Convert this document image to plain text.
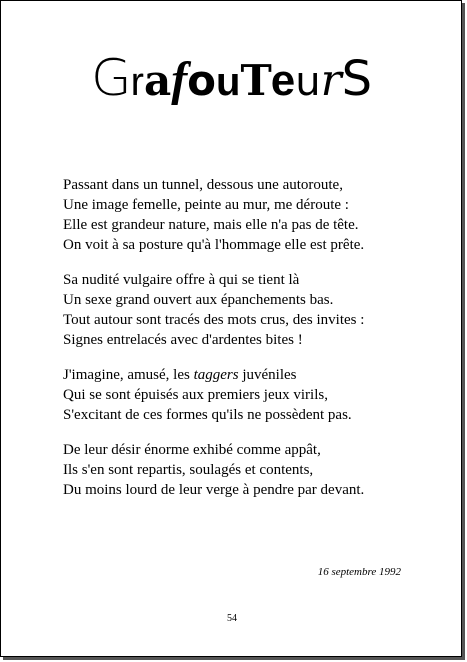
GrafouTeurS
Passant dans un tunnel, dessous une autoroute,
Une image femelle, peinte au mur, me déroute :
Elle est grandeur nature, mais elle n'a pas de tête.
On voit à sa posture qu'à l'hommage elle est prête.
Sa nudité vulgaire offre à qui se tient là
Un sexe grand ouvert aux épanchements bas.
Tout autour sont tracés des mots crus, des invites :
Signes entrelacés avec d'ardentes bites !
J'imagine, amusé, les taggers juvéniles
Qui se sont épuisés aux premiers jeux virils,
S'excitant de ces formes qu'ils ne possèdent pas.
De leur désir énorme exhibé comme appât,
Ils s'en sont repartis, soulagés et contents,
Du moins lourd de leur verge à pendre par devant.
16 septembre 1992
54
